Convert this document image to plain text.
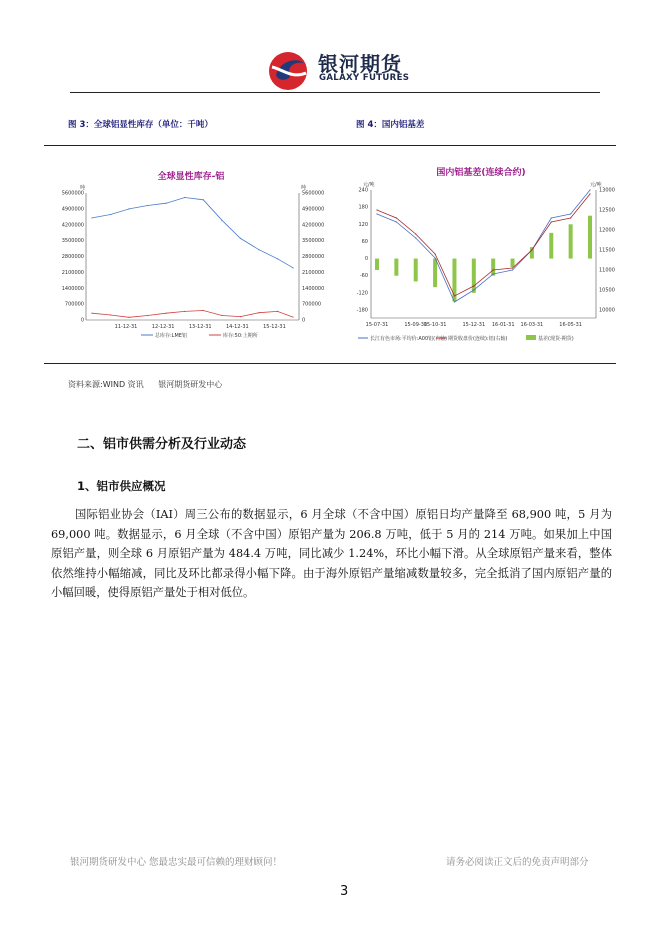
银河期货
GALAXY FUTURES
图 3：全球铝显性库存（单位：千吨）	图 4：国内铝基差
全球显性库存-铝
吨	吨
5600000
4900000
4200000
3500000
2800000
2100000
1400000
700000
0
5600000
4900000
4200000
3500000
2800000
2100000
1400000
700000
0
11-12-31	12-12-31	13-12-31	14-12-31	15-12-31
总库存:LME铝	库存:50:上期所
国内铝基差(连续合约)
元/吨	元/吨
240
180
120
60
0
-60
-120
-180
13000
12500
12000
11500
11000
10500
10000
15-07-31	15-09-30
15-10-31	15-12-31 16-01-31 16-03-31	16-05-31
长江有色市场:平均价:A00铝(右轴) 期货收盘价(连续):铝(右轴)	基差(现货-期货)
资料来源:WIND 资讯 银河期货研发中心
二、铝市供需分析及行业动态
1、铝市供应概况
国际铝业协会（IAI）周三公布的数据显示，6 月全球（不含中国）原铝日均产量降至 68,900 吨，5 月为 69,000 吨。数据显示，6 月全球（不含中国）原铝产量为 206.8 万吨，低于 5 月的 214 万吨。如果加上中国原铝产量，则全球 6 月原铝产量为 484.4 万吨，同比减少 1.24%，环比小幅下滑。从全球原铝产量来看，整体依然维持小幅缩减，同比及环比都录得小幅下降。由于海外原铝产量缩减数量较多，完全抵消了国内原铝产量的小幅回暖，使得原铝产量处于相对低位。
银河期货研发中心 您最忠实最可信赖的理财顾问！	请务必阅读正文后的免责声明部分
3
